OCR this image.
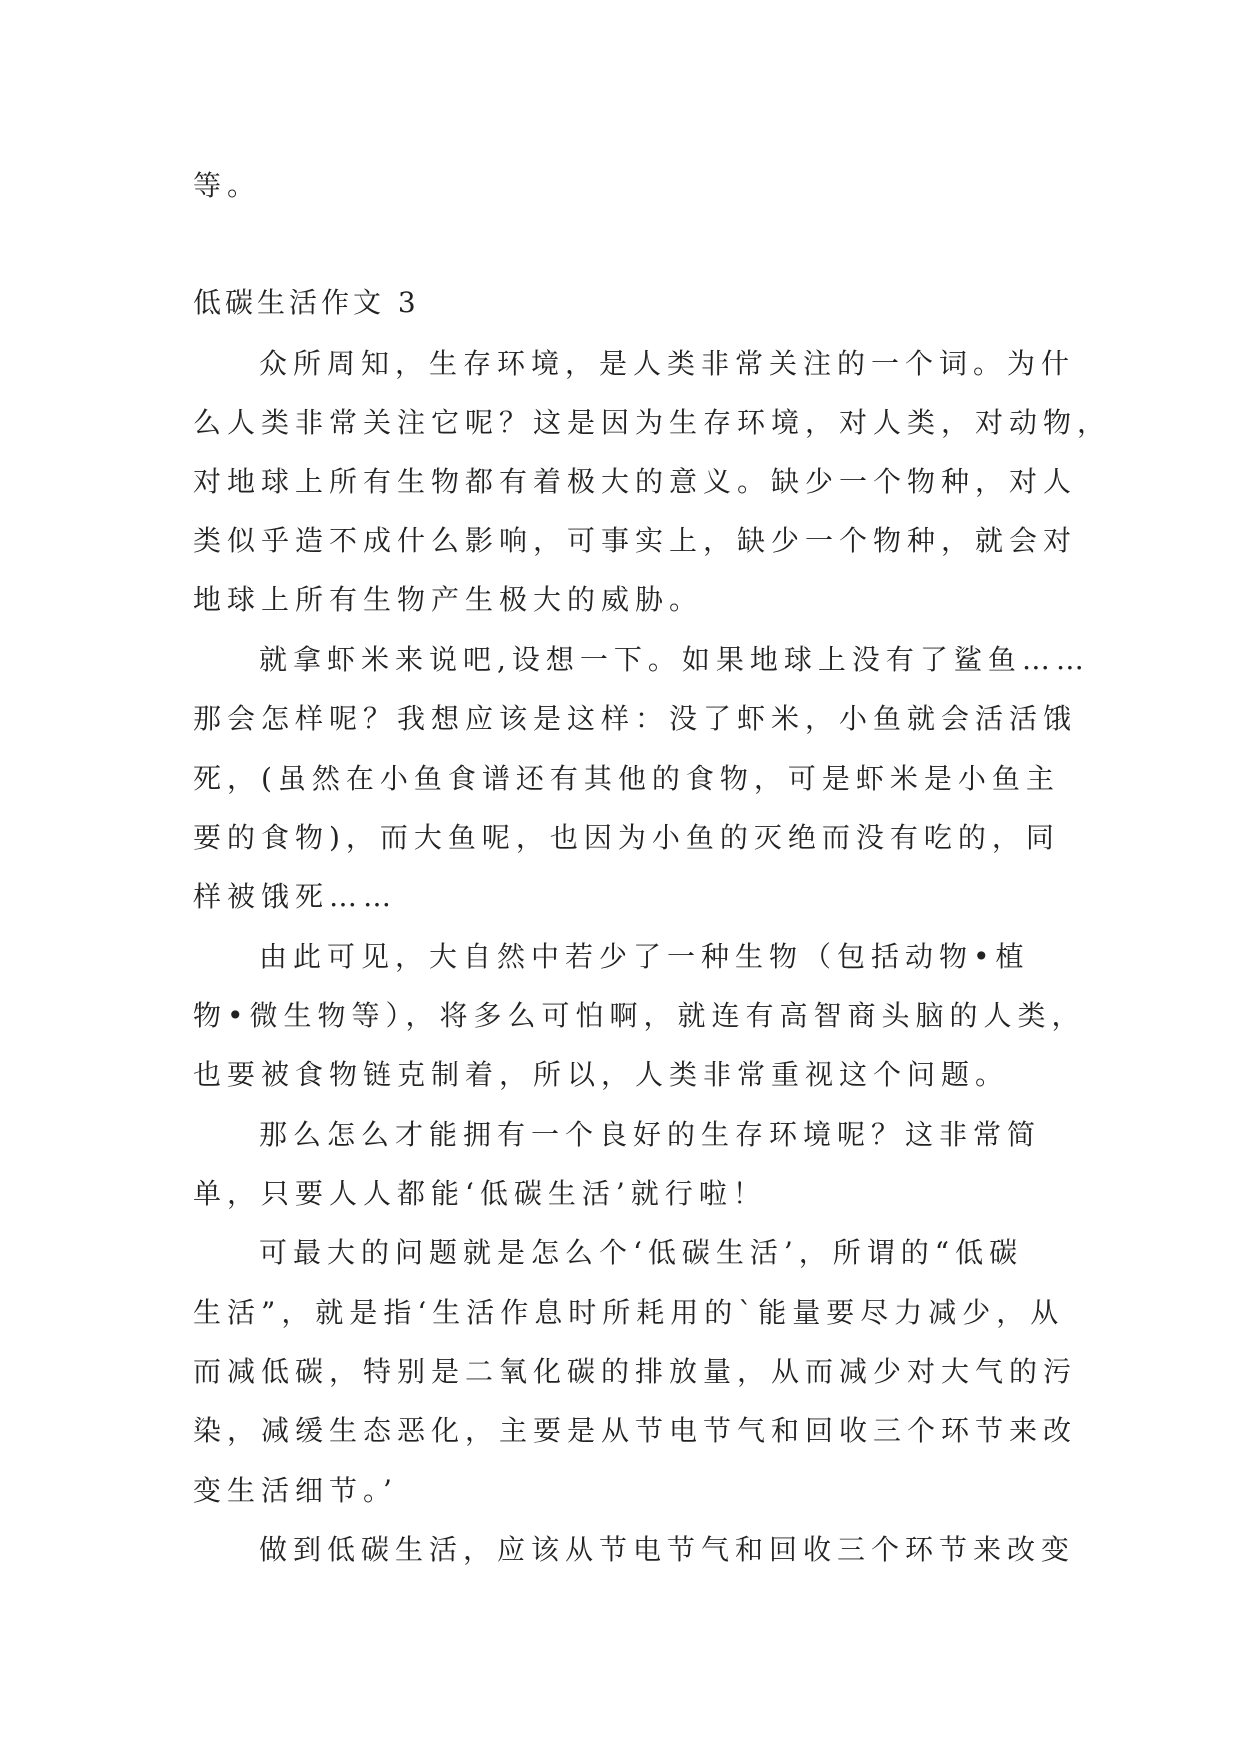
等。

低碳生活作文 3

众所周知，生存环境，是人类非常关注的一个词。为什

么人类非常关注它呢？这是因为生存环境，对人类，对动物，

对地球上所有生物都有着极大的意义。缺少一个物种，对人

类似乎造不成什么影响，可事实上，缺少一个物种，就会对

地球上所有生物产生极大的威胁。

就拿虾米来说吧,设想一下。如果地球上没有了鲨鱼……

那会怎样呢？我想应该是这样：没了虾米，小鱼就会活活饿

死，(虽然在小鱼食谱还有其他的食物，可是虾米是小鱼主

要的食物)，而大鱼呢，也因为小鱼的灭绝而没有吃的，同

样被饿死……

由此可见，大自然中若少了一种生物（包括动物•植

物•微生物等），将多么可怕啊，就连有高智商头脑的人类，

也要被食物链克制着，所以，人类非常重视这个问题。

那么怎么才能拥有一个良好的生存环境呢？这非常简

单，只要人人都能‘低碳生活’就行啦！

可最大的问题就是怎么个‘低碳生活’，所谓的“低碳

生活”，就是指‘生活作息时所耗用的`能量要尽力减少，从

而减低碳，特别是二氧化碳的排放量，从而减少对大气的污

染，减缓生态恶化，主要是从节电节气和回收三个环节来改

变生活细节。’

做到低碳生活，应该从节电节气和回收三个环节来改变
